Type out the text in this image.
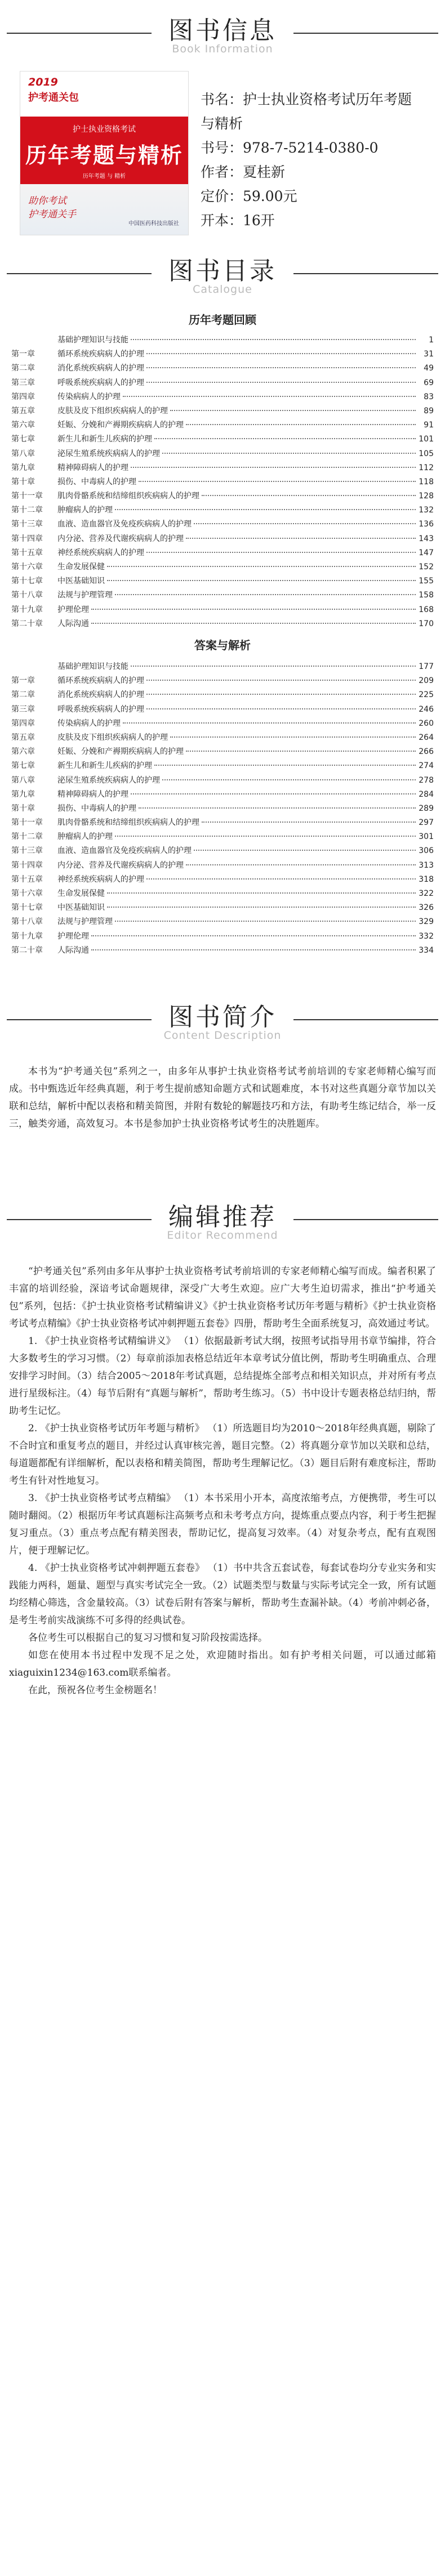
图书信息
Book Information
2019
护考通关包
护士执业资格考试
历年考题与精析
历年考题 与 精析
助你考试
护考通关手
中国医药科技出版社
书名：护士执业资格考试历年考题
与精析
书号：978-7-5214-0380-0
作者：夏桂新
定价：59.00元
开本：16开
图书目录
Catalogue
历年考题回顾
基础护理知识与技能	1
第一章	循环系统疾病病人的护理	31
第二章	消化系统疾病病人的护理	49
第三章	呼吸系统疾病病人的护理	69
第四章	传染病病人的护理	83
第五章	皮肤及皮下组织疾病病人的护理	89
第六章	妊娠、分娩和产褥期疾病病人的护理	91
第七章	新生儿和新生儿疾病的护理	101
第八章	泌尿生殖系统疾病病人的护理	105
第九章	精神障碍病人的护理	112
第十章	损伤、中毒病人的护理	118
第十一章	肌肉骨骼系统和结缔组织疾病病人的护理	128
第十二章	肿瘤病人的护理	132
第十三章	血液、造血器官及免疫疾病病人的护理	136
第十四章	内分泌、营养及代谢疾病病人的护理	143
第十五章	神经系统疾病病人的护理	147
第十六章	生命发展保健	152
第十七章	中医基础知识	155
第十八章	法规与护理管理	158
第十九章	护理伦理	168
第二十章	人际沟通	170
答案与解析
基础护理知识与技能	177
第一章	循环系统疾病病人的护理	209
第二章	消化系统疾病病人的护理	225
第三章	呼吸系统疾病病人的护理	246
第四章	传染病病人的护理	260
第五章	皮肤及皮下组织疾病病人的护理	264
第六章	妊娠、分娩和产褥期疾病病人的护理	266
第七章	新生儿和新生儿疾病的护理	274
第八章	泌尿生殖系统疾病病人的护理	278
第九章	精神障碍病人的护理	284
第十章	损伤、中毒病人的护理	289
第十一章	肌肉骨骼系统和结缔组织疾病病人的护理	297
第十二章	肿瘤病人的护理	301
第十三章	血液、造血器官及免疫疾病病人的护理	306
第十四章	内分泌、营养及代谢疾病病人的护理	313
第十五章	神经系统疾病病人的护理	318
第十六章	生命发展保健	322
第十七章	中医基础知识	326
第十八章	法规与护理管理	329
第十九章	护理伦理	332
第二十章	人际沟通	334
图书简介
Content Description

本书为“护考通关包”系列之一，由多年从事护士执业资格考试考前培训的专家老师精心编写而成。书中甄选近年经典真题，利于考生提前感知命题方式和试题难度，本书对这些真题分章节加以关联和总结，解析中配以表格和精美简图，并附有数轮的解题技巧和方法，有助考生练记结合，举一反三，触类旁通，高效复习。本书是参加护士执业资格考试考生的决胜题库。

编辑推荐
Editor Recommend

“护考通关包”系列由多年从事护士执业资格考试考前培训的专家老师精心编写而成。编者积累了丰富的培训经验，深谙考试命题规律，深受广大考生欢迎。应广大考生迫切需求，推出“护考通关包”系列，包括：《护士执业资格考试精编讲义》《护士执业资格考试历年考题与精析》《护士执业资格考试考点精编》《护士执业资格考试冲刺押题五套卷》四册，帮助考生全面系统复习，高效通过考试。

1. 《护士执业资格考试精编讲义》 （1）依据最新考试大纲，按照考试指导用书章节编排，符合大多数考生的学习习惯。（2）每章前添加表格总结近年本章考试分值比例，帮助考生明确重点、合理安排学习时间。（3）结合2005～2018年考试真题，总结提炼全部考点和相关知识点，并对所有考点进行星级标注。（4）每节后附有“真题与解析”，帮助考生练习。（5）书中设计专题表格总结归纳，帮助考生记忆。

2. 《护士执业资格考试历年考题与精析》 （1）所选题目均为2010～2018年经典真题，剔除了不合时宜和重复考点的题目，并经过认真审核完善，题目完整。（2）将真题分章节加以关联和总结，每道题都配有详细解析，配以表格和精美简图，帮助考生理解记忆。（3）题目后附有难度标注，帮助考生有针对性地复习。

3. 《护士执业资格考试考点精编》 （1）本书采用小开本，高度浓缩考点，方便携带，考生可以随时翻阅。（2）根据历年考试真题标注高频考点和未考考点方向，提炼重点要点内容，利于考生把握复习重点。（3）重点考点配有精美图表，帮助记忆，提高复习效率。（4）对复杂考点，配有直观图片，便于理解记忆。

4. 《护士执业资格考试冲刺押题五套卷》 （1）书中共含五套试卷，每套试卷均分专业实务和实践能力两科，题量、题型与真实考试完全一致。（2）试题类型与数量与实际考试完全一致，所有试题均经精心筛选，含金量较高。（3）试卷后附有答案与解析，帮助考生查漏补缺。（4）考前冲刺必备，是考生考前实战演练不可多得的经典试卷。

各位考生可以根据自己的复习习惯和复习阶段按需选择。

如您在使用本书过程中发现不足之处，欢迎随时指出。如有护考相关问题，可以通过邮箱xiaguixin1234@163.com联系编者。

在此，预祝各位考生金榜题名！
